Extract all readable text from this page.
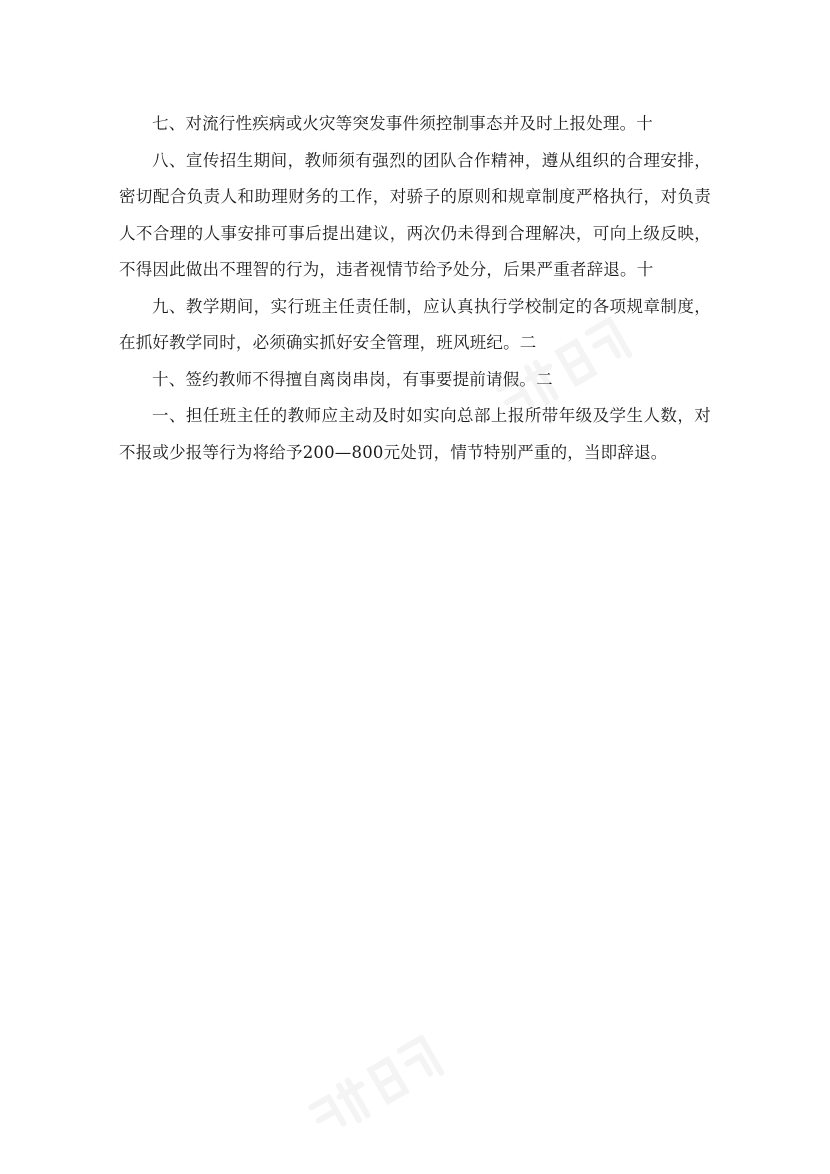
七、对流行性疾病或火灾等突发事件须控制事态并及时上报处理。十

八、宣传招生期间，教师须有强烈的团队合作精神，遵从组织的合理安排，密切配合负责人和助理财务的工作，对骄子的原则和规章制度严格执行，对负责人不合理的人事安排可事后提出建议，两次仍未得到合理解决，可向上级反映，不得因此做出不理智的行为，违者视情节给予处分，后果严重者辞退。十

九、教学期间，实行班主任责任制，应认真执行学校制定的各项规章制度，在抓好教学同时，必须确实抓好安全管理，班风班纪。二

十、签约教师不得擅自离岗串岗，有事要提前请假。二

一、担任班主任的教师应主动及时如实向总部上报所带年级及学生人数，对不报或少报等行为将给予200—800元处罚，情节特别严重的，当即辞退。
